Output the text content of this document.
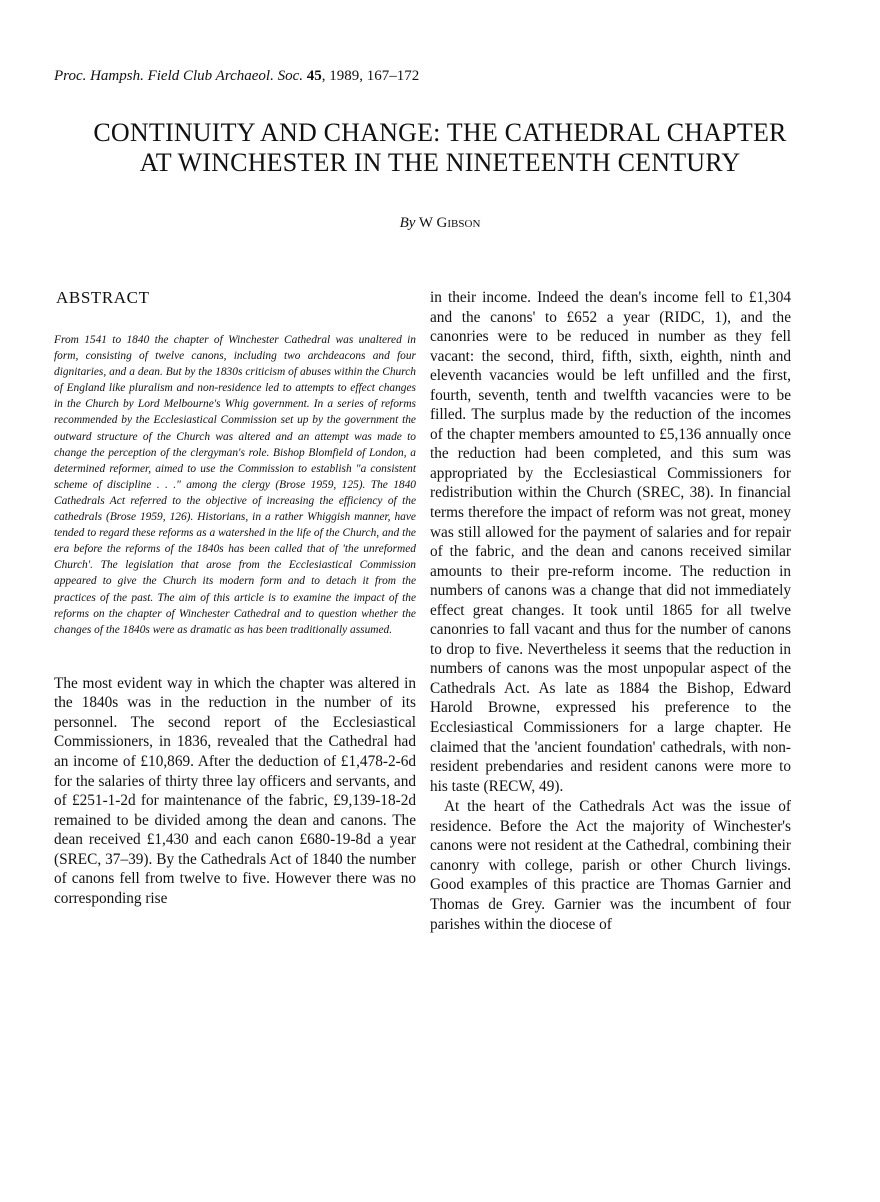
Proc. Hampsh. Field Club Archaeol. Soc. 45, 1989, 167–172
CONTINUITY AND CHANGE: THE CATHEDRAL CHAPTER
AT WINCHESTER IN THE NINETEENTH CENTURY
By W Gibson
ABSTRACT

From 1541 to 1840 the chapter of Winchester Cathedral was unaltered in form, consisting of twelve canons, including two archdeacons and four dignitaries, and a dean. But by the 1830s criticism of abuses within the Church of England like pluralism and non-residence led to attempts to effect changes in the Church by Lord Melbourne's Whig government. In a series of reforms recommended by the Ecclesiastical Commission set up by the government the outward structure of the Church was altered and an attempt was made to change the perception of the clergyman's role. Bishop Blomfield of London, a determined reformer, aimed to use the Commission to establish "a consistent scheme of discipline . . ." among the clergy (Brose 1959, 125). The 1840 Cathedrals Act referred to the objective of increasing the efficiency of the cathedrals (Brose 1959, 126). Historians, in a rather Whiggish manner, have tended to regard these reforms as a watershed in the life of the Church, and the era before the reforms of the 1840s has been called that of 'the unreformed Church'. The legislation that arose from the Ecclesiastical Commission appeared to give the Church its modern form and to detach it from the practices of the past. The aim of this article is to examine the impact of the reforms on the chapter of Winchester Cathedral and to question whether the changes of the 1840s were as dramatic as has been traditionally assumed.

The most evident way in which the chapter was altered in the 1840s was in the reduction in the number of its personnel. The second report of the Ecclesiastical Commissioners, in 1836, revealed that the Cathedral had an income of £10,869. After the deduction of £1,478-2-6d for the salaries of thirty three lay officers and servants, and of £251-1-2d for maintenance of the fabric, £9,139-18-2d remained to be divided among the dean and canons. The dean received £1,430 and each canon £680-19-8d a year (SREC, 37–39). By the Cathedrals Act of 1840 the number of canons fell from twelve to five. However there was no corresponding rise

in their income. Indeed the dean's income fell to £1,304 and the canons' to £652 a year (RIDC, 1), and the canonries were to be reduced in number as they fell vacant: the second, third, fifth, sixth, eighth, ninth and eleventh vacancies would be left unfilled and the first, fourth, seventh, tenth and twelfth vacancies were to be filled. The surplus made by the reduction of the incomes of the chapter members amounted to £5,136 annually once the reduction had been completed, and this sum was appropriated by the Ecclesiastical Commissioners for redistribution within the Church (SREC, 38). In financial terms therefore the impact of reform was not great, money was still allowed for the payment of salaries and for repair of the fabric, and the dean and canons received similar amounts to their pre-reform income. The reduction in numbers of canons was a change that did not immediately effect great changes. It took until 1865 for all twelve canonries to fall vacant and thus for the number of canons to drop to five. Nevertheless it seems that the reduction in numbers of canons was the most unpopular aspect of the Cathedrals Act. As late as 1884 the Bishop, Edward Harold Browne, expressed his preference to the Ecclesiastical Commissioners for a large chapter. He claimed that the 'ancient foundation' cathedrals, with non-resident prebendaries and resident canons were more to his taste (RECW, 49).

At the heart of the Cathedrals Act was the issue of residence. Before the Act the majority of Winchester's canons were not resident at the Cathedral, combining their canonry with college, parish or other Church livings. Good examples of this practice are Thomas Garnier and Thomas de Grey. Garnier was the incumbent of four parishes within the diocese of
